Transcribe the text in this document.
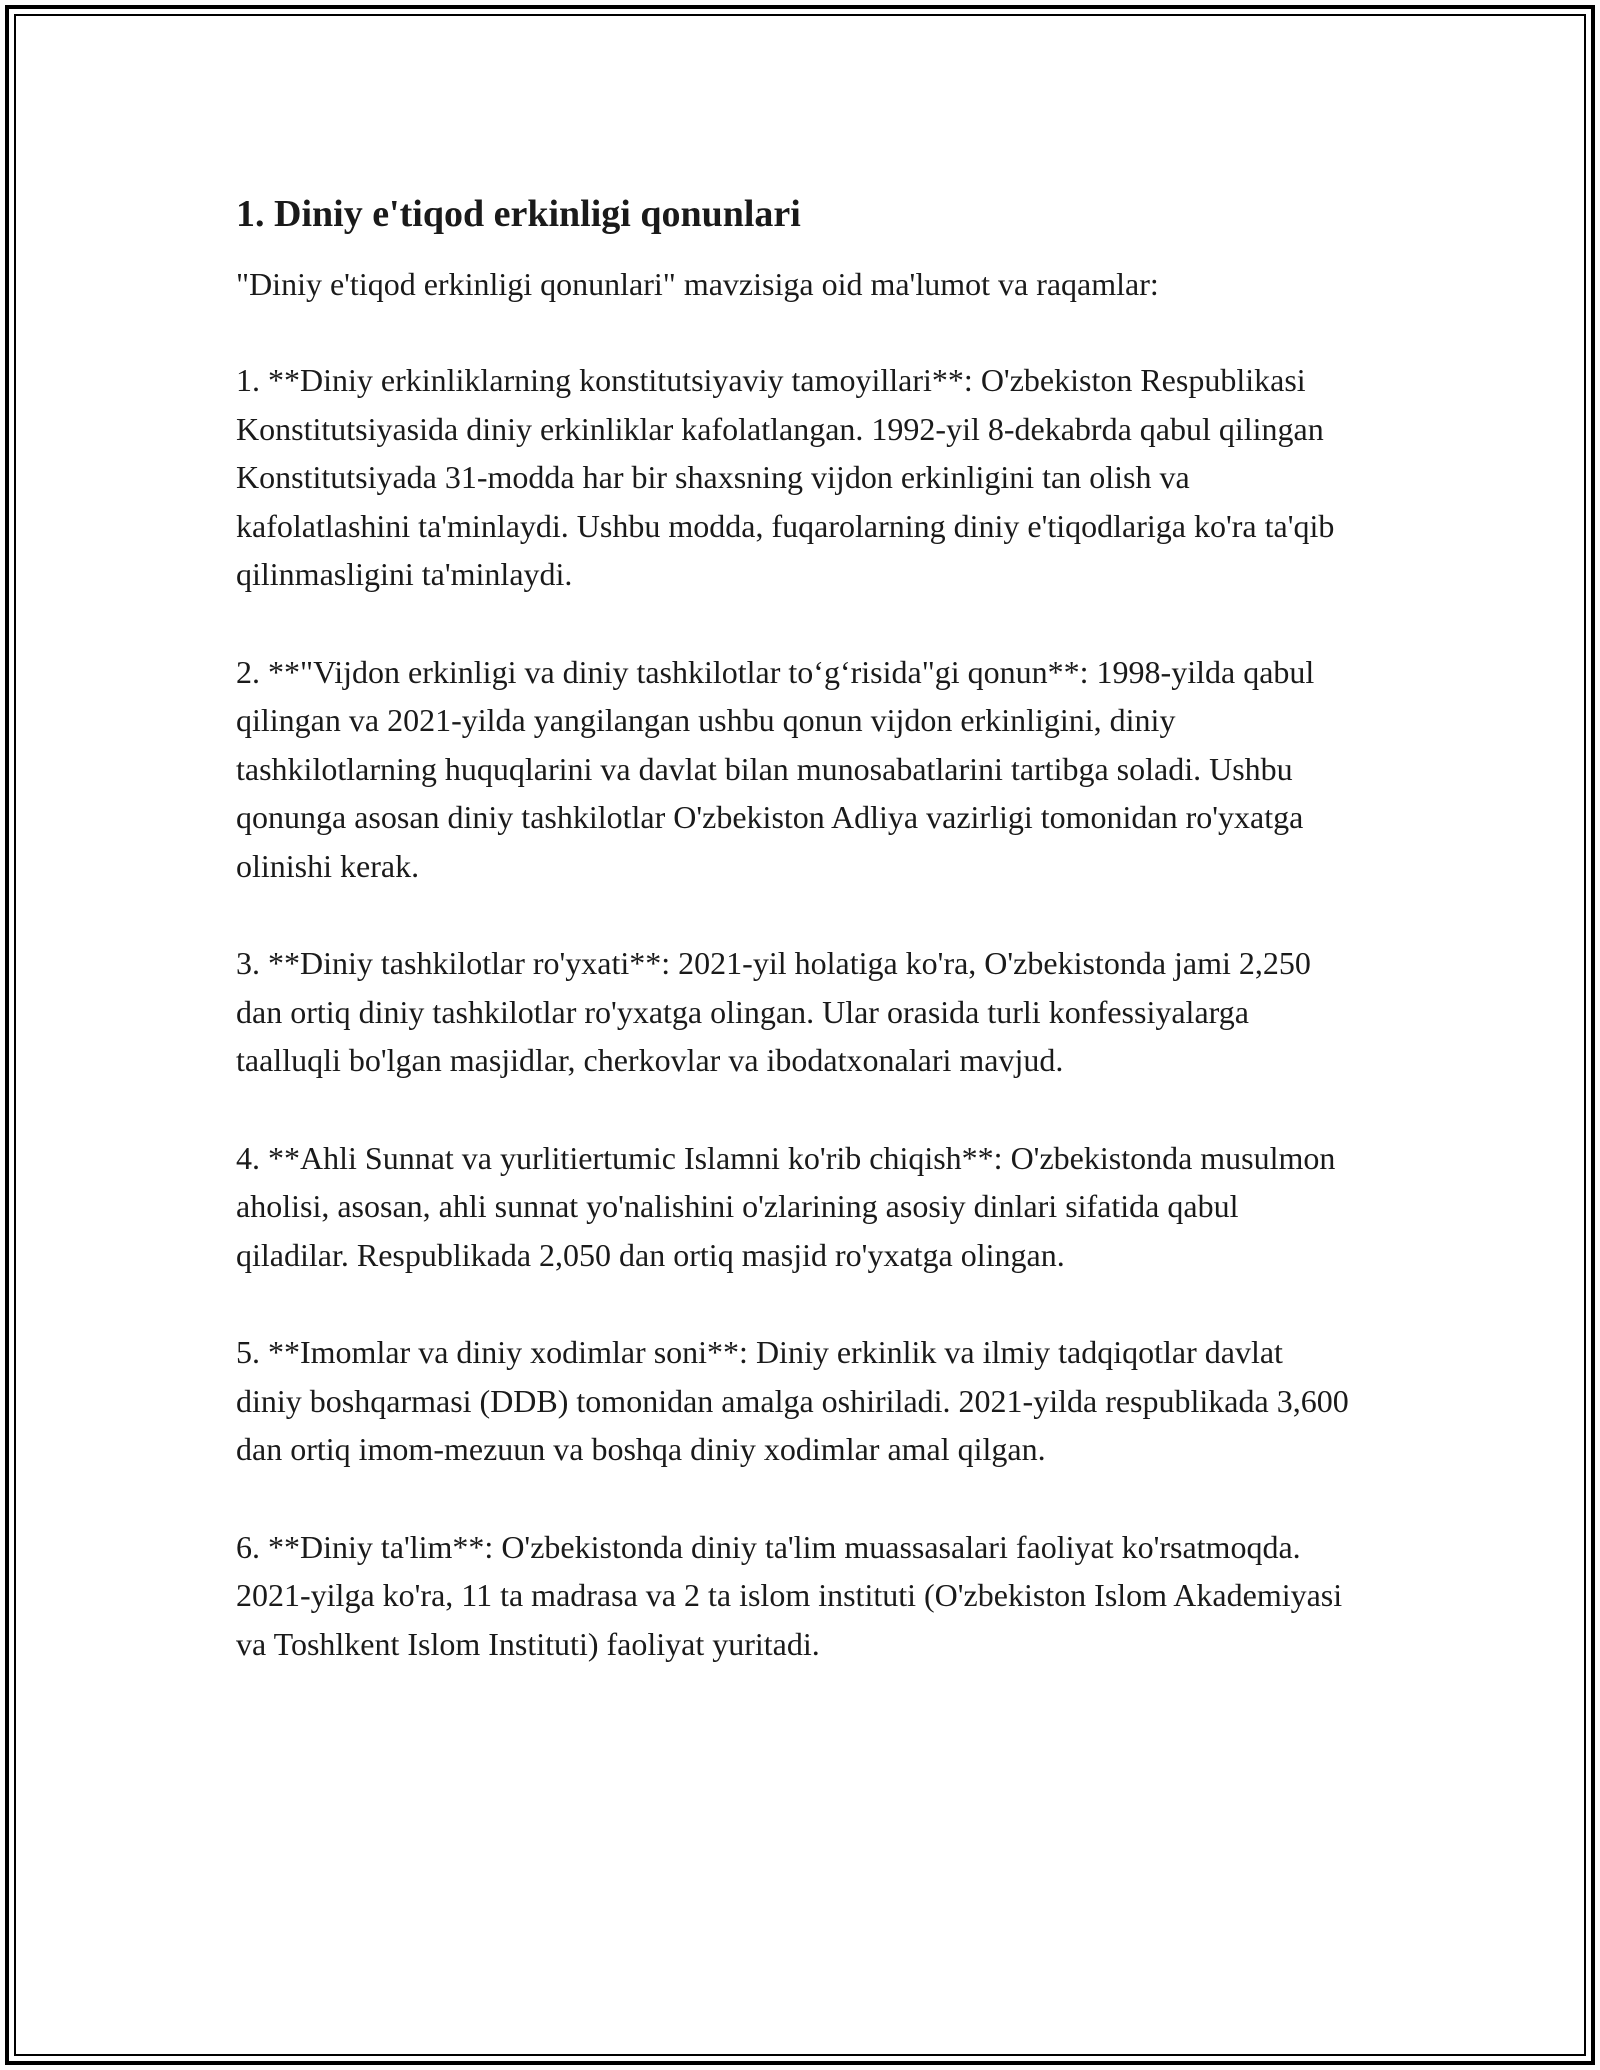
1. Diniy e'tiqod erkinligi qonunlari

"Diniy e'tiqod erkinligi qonunlari" mavzisiga oid ma'lumot va raqamlar:

1. **Diniy erkinliklarning konstitutsiyaviy tamoyillari**: O'zbekiston Respublikasi Konstitutsiyasida diniy erkinliklar kafolatlangan. 1992-yil 8-dekabrda qabul qilingan Konstitutsiyada 31-modda har bir shaxsning vijdon erkinligini tan olish va kafolatlashini ta'minlaydi. Ushbu modda, fuqarolarning diniy e'tiqodlariga ko'ra ta'qib qilinmasligini ta'minlaydi.

2. **"Vijdon erkinligi va diniy tashkilotlar to‘g‘risida"gi qonun**: 1998-yilda qabul qilingan va 2021-yilda yangilangan ushbu qonun vijdon erkinligini, diniy tashkilotlarning huquqlarini va davlat bilan munosabatlarini tartibga soladi. Ushbu qonunga asosan diniy tashkilotlar O'zbekiston Adliya vazirligi tomonidan ro'yxatga olinishi kerak.

3. **Diniy tashkilotlar ro'yxati**: 2021-yil holatiga ko'ra, O'zbekistonda jami 2,250 dan ortiq diniy tashkilotlar ro'yxatga olingan. Ular orasida turli konfessiyalarga taalluqli bo'lgan masjidlar, cherkovlar va ibodatxonalari mavjud.

4. **Ahli Sunnat va yurlitiertumic Islamni ko'rib chiqish**: O'zbekistonda musulmon aholisi, asosan, ahli sunnat yo'nalishini o'zlarining asosiy dinlari sifatida qabul qiladilar. Respublikada 2,050 dan ortiq masjid ro'yxatga olingan.

5. **Imomlar va diniy xodimlar soni**: Diniy erkinlik va ilmiy tadqiqotlar davlat diniy boshqarmasi (DDB) tomonidan amalga oshiriladi. 2021-yilda respublikada 3,600 dan ortiq imom-mezuun va boshqa diniy xodimlar amal qilgan.

6. **Diniy ta'lim**: O'zbekistonda diniy ta'lim muassasalari faoliyat ko'rsatmoqda. 2021-yilga ko'ra, 11 ta madrasa va 2 ta islom instituti (O'zbekiston Islom Akademiyasi va Toshlkent Islom Instituti) faoliyat yuritadi.
